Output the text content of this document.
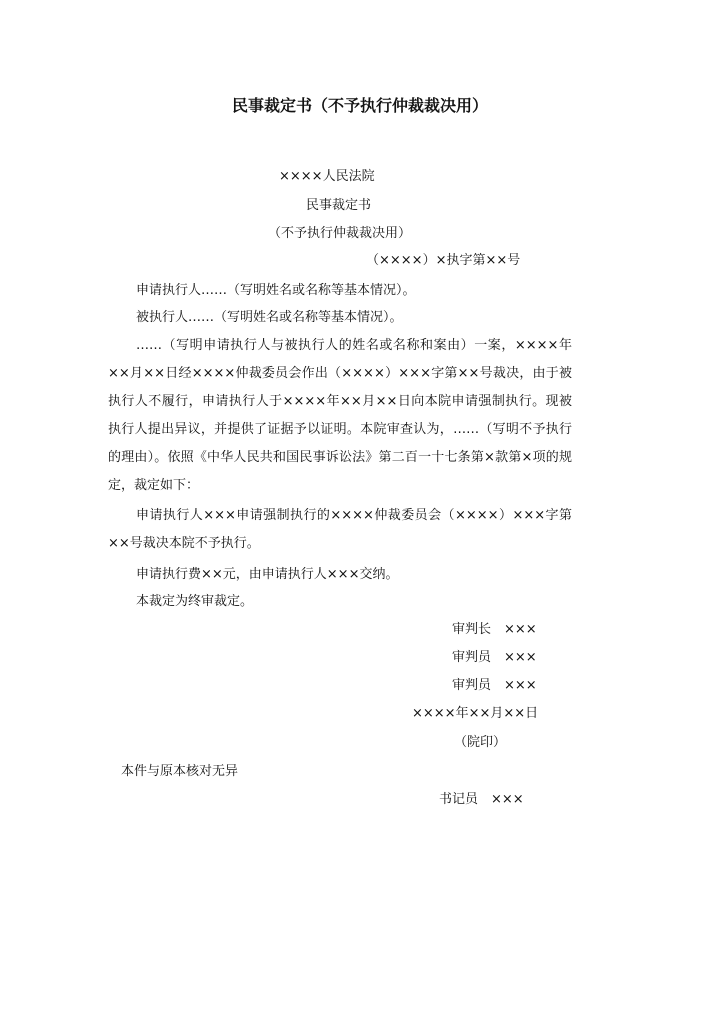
民事裁定书（不予执行仲裁裁决用）

××××人民法院

民事裁定书

（不予执行仲裁裁决用）

（××××）×执字第××号

申请执行人……（写明姓名或名称等基本情况）。

被执行人……（写明姓名或名称等基本情况）。

……（写明申请执行人与被执行人的姓名或名称和案由）一案，××××年××月××日经××××仲裁委员会作出（××××）×××字第××号裁决，由于被执行人不履行，申请执行人于××××年××月××日向本院申请强制执行。现被执行人提出异议，并提供了证据予以证明。本院审查认为，……（写明不予执行的理由）。依照《中华人民共和国民事诉讼法》第二百一十七条第×款第×项的规定，裁定如下：

申请执行人×××申请强制执行的××××仲裁委员会（××××）×××字第××号裁决本院不予执行。

申请执行费××元，由申请执行人×××交纳。

本裁定为终审裁定。

审判长　×××

审判员　×××

审判员　×××

××××年××月××日

（院印）

本件与原本核对无异

书记员　×××
